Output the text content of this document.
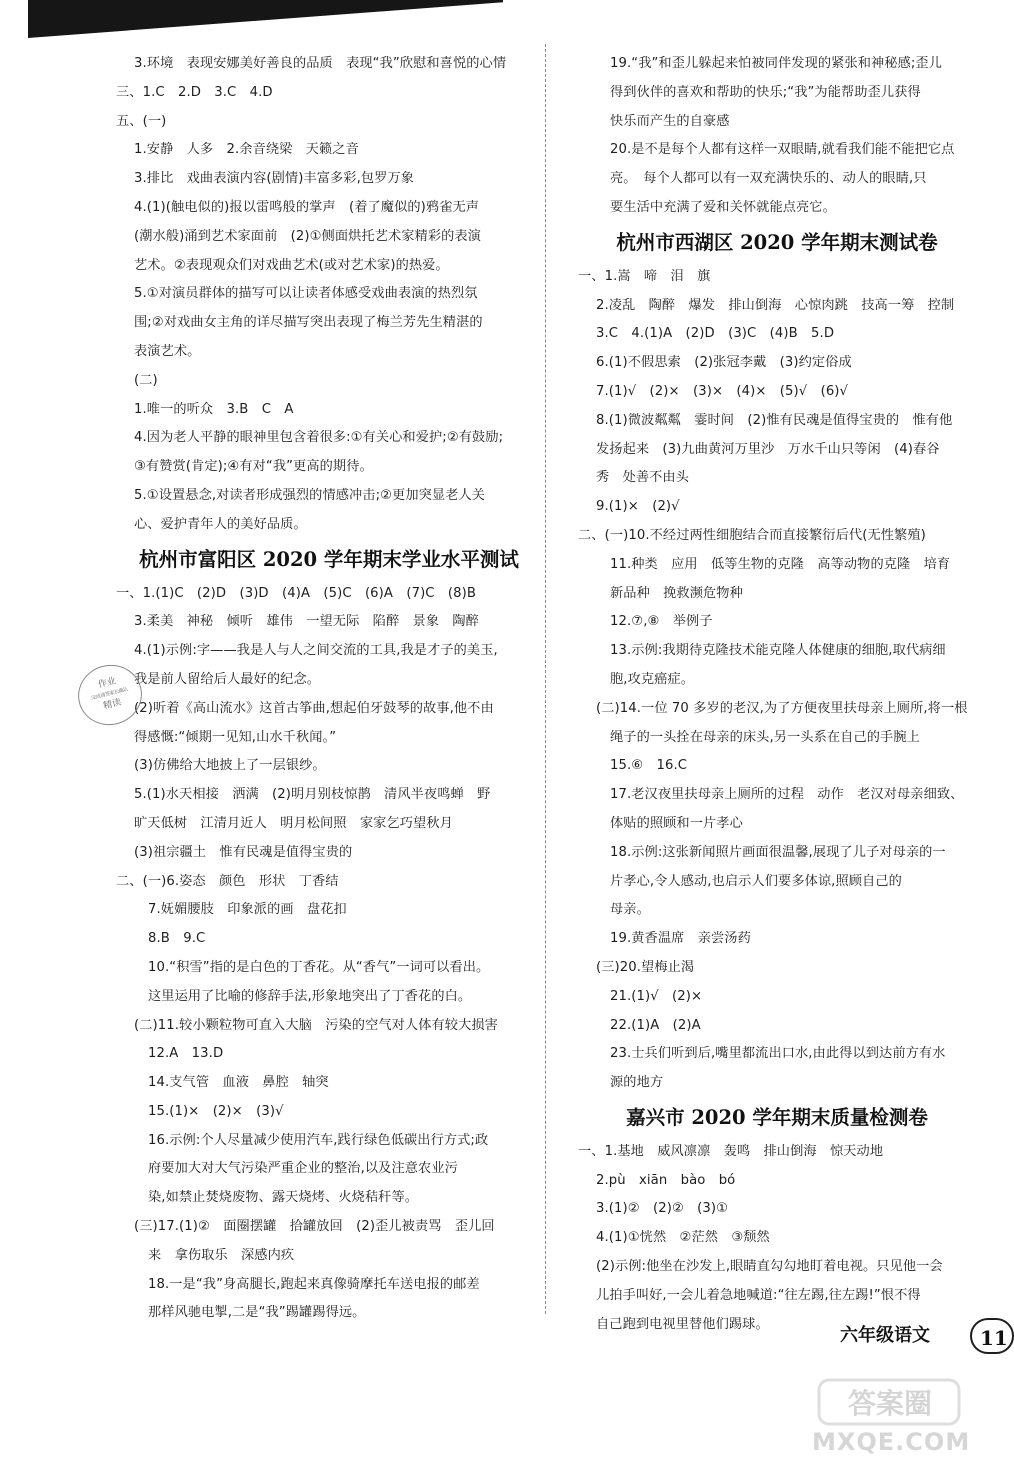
3.环境　表现安娜美好善良的品质　表现“我”欣慰和喜悦的心情
三、1.C　2.D　3.C　4.D
五、(一)
1.安静　人多　2.余音绕梁　天籁之音
3.排比　戏曲表演内容(剧情)丰富多彩,包罗万象
4.(1)(触电似的)报以雷鸣般的掌声　(着了魔似的)鸦雀无声
(潮水般)涌到艺术家面前　(2)①侧面烘托艺术家精彩的表演
艺术。②表现观众们对戏曲艺术(或对艺术家)的热爱。
5.①对演员群体的描写可以让读者体感受戏曲表演的热烈氛
围;②对戏曲女主角的详尽描写突出表现了梅兰芳先生精湛的
表演艺术。
(二)
1.唯一的听众　3.B　C　A
4.因为老人平静的眼神里包含着很多:①有关心和爱护;②有鼓励;
③有赞赏(肯定);④有对“我”更高的期待。
5.①设置悬念,对读者形成强烈的情感冲击;②更加突显老人关
心、爱护青年人的美好品质。
杭州市富阳区 2020 学年期末学业水平测试
一、1.(1)C　(2)D　(3)D　(4)A　(5)C　(6)A　(7)C　(8)B
3.柔美　神秘　倾听　雄伟　一望无际　陷醉　景象　陶醉
4.(1)示例:字——我是人与人之间交流的工具,我是才子的美玉,
我是前人留给后人最好的纪念。
(2)听着《高山流水》这首古筝曲,想起伯牙鼓琴的故事,他不由
得感慨:“倾期一见知,山水千秋闻。”
(3)仿佛给大地披上了一层银纱。
5.(1)水天相接　洒满　(2)明月别枝惊鹊　清风半夜鸣蝉　野
旷天低树　江清月近人　明月松间照　家家乞巧望秋月
(3)祖宗疆土　惟有民魂是值得宝贵的
二、(一)6.姿态　颜色　形状　丁香结
7.妩媚腰肢　印象派的画　盘花扣
8.B　9.C
10.“积雪”指的是白色的丁香花。从“香气”一词可以看出。
这里运用了比喻的修辞手法,形象地突出了丁香花的白。
(二)11.较小颗粒物可直入大脑　污染的空气对人体有较大损害
12.A　13.D
14.支气管　血液　鼻腔　轴突
15.(1)×　(2)×　(3)√
16.示例:个人尽量减少使用汽车,践行绿色低碳出行方式;政
府要加大对大气污染严重企业的整治,以及注意农业污
染,如禁止焚烧废物、露天烧烤、火烧秸秆等。
(三)17.(1)②　面圈摆罐　拾罐放回　(2)歪儿被责骂　歪儿回
来　拿伤取乐　深感内疚
18.一是“我”身高腿长,跑起来真像骑摩托车送电报的邮差
那样风驰电掣,二是“我”踢罐踢得远。
19.“我”和歪儿躲起来怕被同伴发现的紧张和神秘感;歪儿
得到伙伴的喜欢和帮助的快乐;“我”为能帮助歪儿获得
快乐而产生的自豪感
20.是不是每个人都有这样一双眼睛,就看我们能不能把它点
亮。　每个人都可以有一双充满快乐的、动人的眼睛,只
要生活中充满了爱和关怀就能点亮它。
杭州市西湖区 2020 学年期末测试卷
一、1.嵩　啼　泪　旗
2.凌乱　陶醉　爆发　排山倒海　心惊肉跳　技高一筹　控制
3.C　4.(1)A　(2)D　(3)C　(4)B　5.D
6.(1)不假思索　(2)张冠李戴　(3)约定俗成
7.(1)√　(2)×　(3)×　(4)×　(5)√　(6)√
8.(1)微波粼粼　霎时间　(2)惟有民魂是值得宝贵的　惟有他
发扬起来　(3)九曲黄河万里沙　万水千山只等闲　(4)春谷
秀　处善不由头
9.(1)×　(2)√
二、(一)10.不经过两性细胞结合而直接繁衍后代(无性繁殖)
11.种类　应用　低等生物的克隆　高等动物的克隆　培育
新品种　挽救濒危物种
12.⑦,⑧　举例子
13.示例:我期待克隆技术能克隆人体健康的细胞,取代病细
胞,攻克癌症。
(二)14.一位 70 多岁的老汉,为了方便夜里扶母亲上厕所,将一根
绳子的一头拴在母亲的床头,另一头系在自己的手腕上
15.⑥　16.C
17.老汉夜里扶母亲上厕所的过程　动作　老汉对母亲细致、
体贴的照顾和一片孝心
18.示例:这张新闻照片画面很温馨,展现了儿子对母亲的一
片孝心,令人感动,也启示人们要多体谅,照顾自己的
母亲。
19.黄香温席　亲尝汤药
(三)20.望梅止渴
21.(1)√　(2)×
22.(1)A　(2)A
23.士兵们听到后,嘴里都流出口水,由此得以到达前方有水
源的地方
嘉兴市 2020 学年期末质量检测卷
一、1.基地　威风凛凛　轰鸣　排山倒海　惊天动地
2.pù　xiān　bào　bó
3.(1)②　(2)②　(3)①
4.(1)①恍然　②茫然　③颓然
(2)示例:他坐在沙发上,眼睛直勾勾地盯着电视。只见他一会
儿拍手叫好,一会儿着急地喊道:“往左踢,往左踢!”恨不得
自己跑到电视里替他们踢球。
作业
完成请签家长确认
精读
六年级语文	11
答案圈
MXQE.COM
